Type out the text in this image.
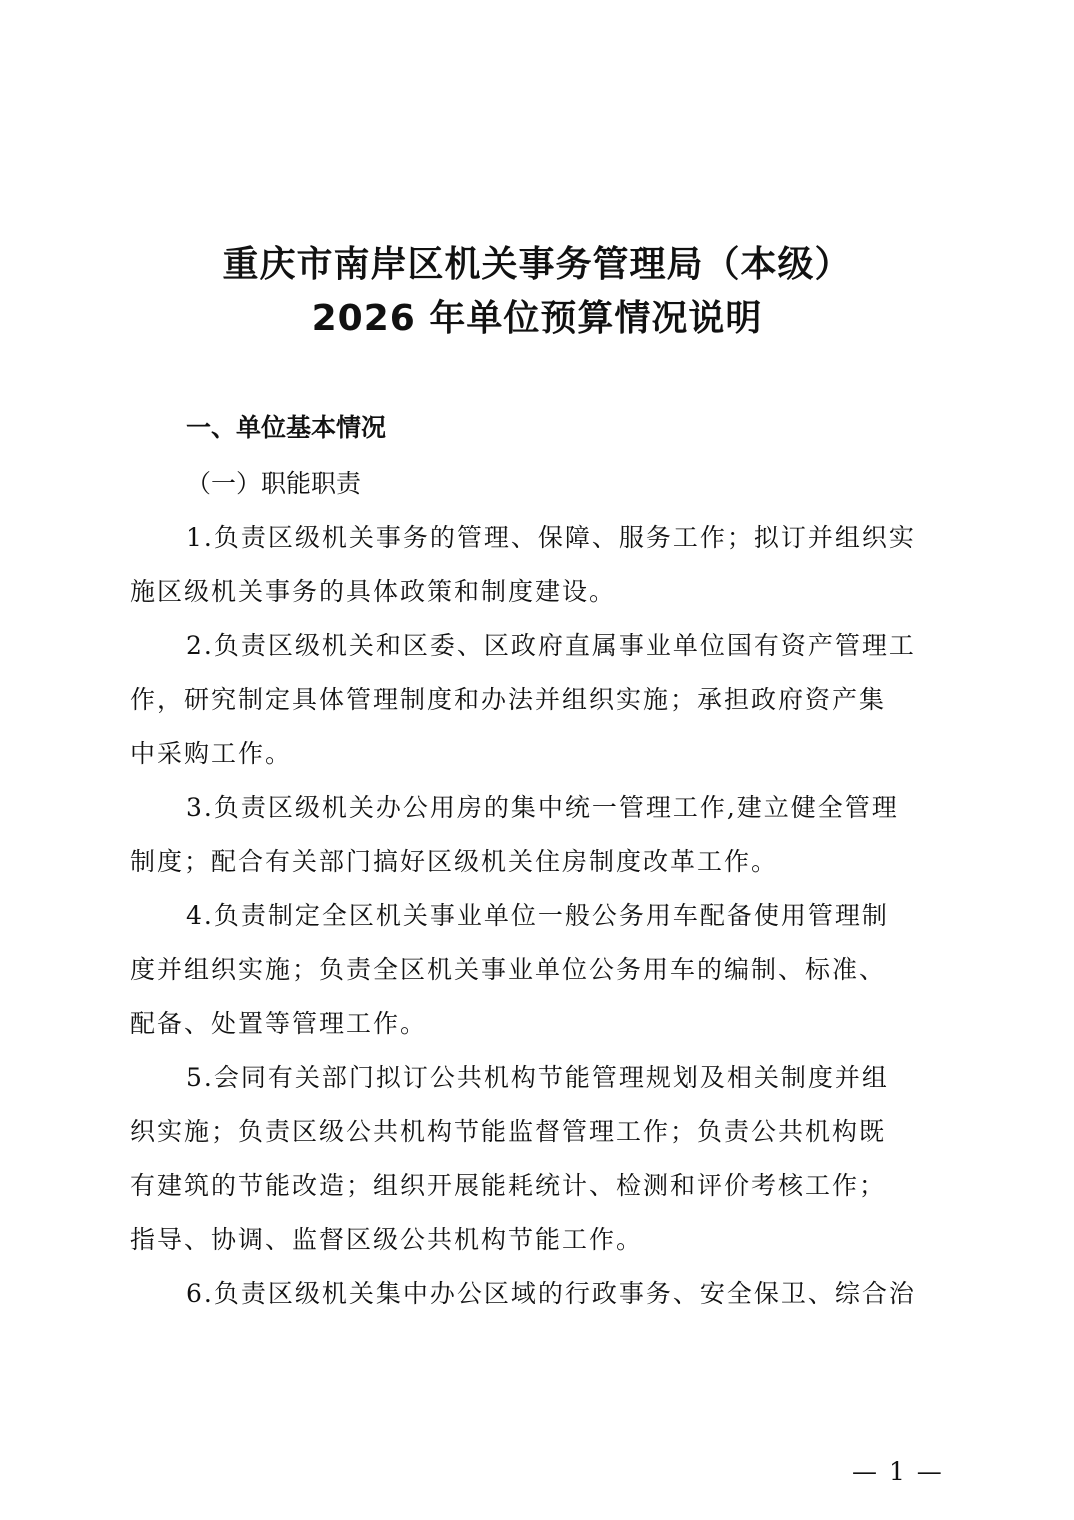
重庆市南岸区机关事务管理局（本级）
2026 年单位预算情况说明
一、单位基本情况
（一）职能职责
1.负责区级机关事务的管理、保障、服务工作；拟订并组织实
施区级机关事务的具体政策和制度建设。
2.负责区级机关和区委、区政府直属事业单位国有资产管理工
作，研究制定具体管理制度和办法并组织实施；承担政府资产集
中采购工作。
3.负责区级机关办公用房的集中统一管理工作,建立健全管理
制度；配合有关部门搞好区级机关住房制度改革工作。
4.负责制定全区机关事业单位一般公务用车配备使用管理制
度并组织实施；负责全区机关事业单位公务用车的编制、标准、
配备、处置等管理工作。
5.会同有关部门拟订公共机构节能管理规划及相关制度并组
织实施；负责区级公共机构节能监督管理工作；负责公共机构既
有建筑的节能改造；组织开展能耗统计、检测和评价考核工作；
指导、协调、监督区级公共机构节能工作。
6.负责区级机关集中办公区域的行政事务、安全保卫、综合治
— 1 —
